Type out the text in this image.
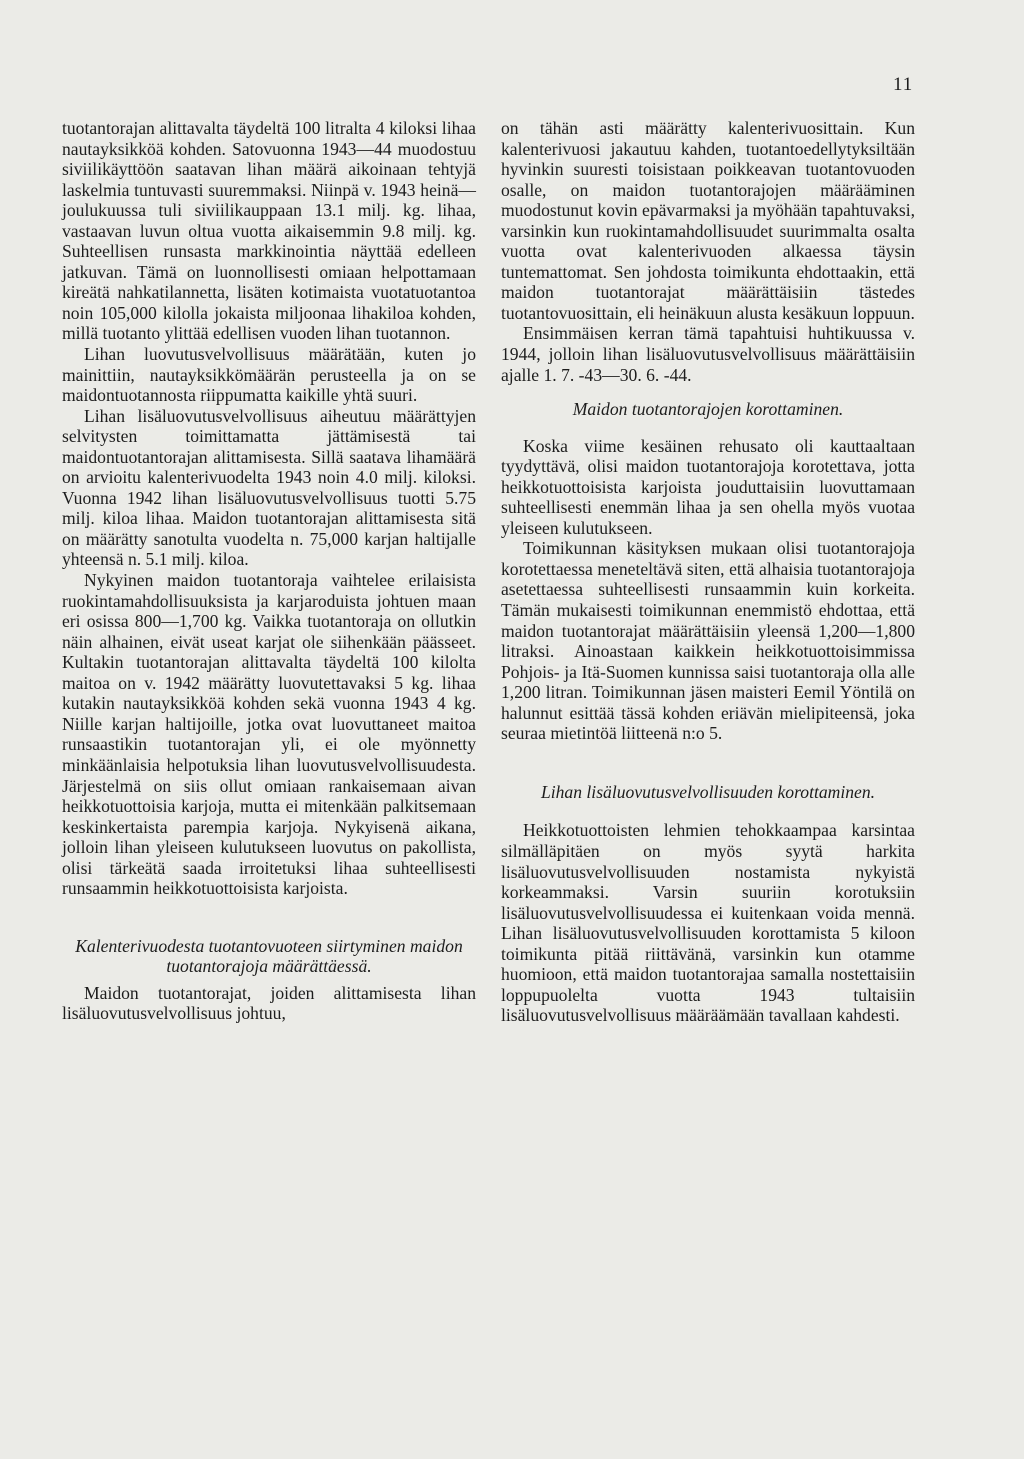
11

tuotantorajan alittavalta täydeltä 100 litralta 4 kiloksi lihaa nautayksikköä kohden. Satovuonna 1943—44 muodostuu siviilikäyttöön saatavan lihan määrä aikoinaan tehtyjä laskelmia tuntuvasti suuremmaksi. Niinpä v. 1943 heinä—joulukuussa tuli siviilikauppaan 13.1 milj. kg. lihaa, vastaavan luvun oltua vuotta aikaisemmin 9.8 milj. kg. Suhteellisen runsasta markkinointia näyttää edelleen jatkuvan. Tämä on luonnollisesti omiaan helpottamaan kireätä nahkatilannetta, lisäten kotimaista vuotatuotantoa noin 105,000 kilolla jokaista miljoonaa lihakiloa kohden, millä tuotanto ylittää edellisen vuoden lihan tuotannon.

Lihan luovutusvelvollisuus määrätään, kuten jo mainittiin, nautayksikkömäärän perusteella ja on se maidontuotannosta riippumatta kaikille yhtä suuri.

Lihan lisäluovutusvelvollisuus aiheutuu määrättyjen selvitysten toimittamatta jättämisestä tai maidontuotantorajan alittamisesta. Sillä saatava lihamäärä on arvioitu kalenterivuodelta 1943 noin 4.0 milj. kiloksi. Vuonna 1942 lihan lisäluovutusvelvollisuus tuotti 5.75 milj. kiloa lihaa. Maidon tuotantorajan alittamisesta sitä on määrätty sanotulta vuodelta n. 75,000 karjan haltijalle yhteensä n. 5.1 milj. kiloa.

Nykyinen maidon tuotantoraja vaihtelee erilaisista ruokintamahdollisuuksista ja karjaroduista johtuen maan eri osissa 800—1,700 kg. Vaikka tuotantoraja on ollutkin näin alhainen, eivät useat karjat ole siihenkään päässeet. Kultakin tuotantorajan alittavalta täydeltä 100 kilolta maitoa on v. 1942 määrätty luovutettavaksi 5 kg. lihaa kutakin nautayksikköä kohden sekä vuonna 1943 4 kg. Niille karjan haltijoille, jotka ovat luovuttaneet maitoa runsaastikin tuotantorajan yli, ei ole myönnetty minkäänlaisia helpotuksia lihan luovutusvelvollisuudesta. Järjestelmä on siis ollut omiaan rankaisemaan aivan heikkotuottoisia karjoja, mutta ei mitenkään palkitsemaan keskinkertaista parempia karjoja. Nykyisenä aikana, jolloin lihan yleiseen kulutukseen luovutus on pakollista, olisi tärkeätä saada irroitetuksi lihaa suhteellisesti runsaammin heikkotuottoisista karjoista.

Kalenterivuodesta tuotantovuoteen siirtyminen maidon tuotantorajoja määrättäessä.

Maidon tuotantorajat, joiden alittamisesta lihan lisäluovutusvelvollisuus johtuu,

on tähän asti määrätty kalenterivuosittain. Kun kalenterivuosi jakautuu kahden, tuotantoedellytyksiltään hyvinkin suuresti toisistaan poikkeavan tuotantovuoden osalle, on maidon tuotantorajojen määrääminen muodostunut kovin epävarmaksi ja myöhään tapahtuvaksi, varsinkin kun ruokintamahdollisuudet suurimmalta osalta vuotta ovat kalenterivuoden alkaessa täysin tuntemattomat. Sen johdosta toimikunta ehdottaakin, että maidon tuotantorajat määrättäisiin tästedes tuotantovuosittain, eli heinäkuun alusta kesäkuun loppuun.

Ensimmäisen kerran tämä tapahtuisi huhtikuussa v. 1944, jolloin lihan lisäluovutusvelvollisuus määrättäisiin ajalle 1. 7. -43—30. 6. -44.

Maidon tuotantorajojen korottaminen.

Koska viime kesäinen rehusato oli kauttaaltaan tyydyttävä, olisi maidon tuotantorajoja korotettava, jotta heikkotuottoisista karjoista jouduttaisiin luovuttamaan suhteellisesti enemmän lihaa ja sen ohella myös vuotaa yleiseen kulutukseen.

Toimikunnan käsityksen mukaan olisi tuotantorajoja korotettaessa meneteltävä siten, että alhaisia tuotantorajoja asetettaessa suhteellisesti runsaammin kuin korkeita. Tämän mukaisesti toimikunnan enemmistö ehdottaa, että maidon tuotantorajat määrättäisiin yleensä 1,200—1,800 litraksi. Ainoastaan kaikkein heikkotuottoisimmissa Pohjois- ja Itä-Suomen kunnissa saisi tuotantoraja olla alle 1,200 litran. Toimikunnan jäsen maisteri Eemil Yöntilä on halunnut esittää tässä kohden eriävän mielipiteensä, joka seuraa mietintöä liitteenä n:o 5.

Lihan lisäluovutusvelvollisuuden korottaminen.

Heikkotuottoisten lehmien tehokkaampaa karsintaa silmälläpitäen on myös syytä harkita lisäluovutusvelvollisuuden nostamista nykyistä korkeammaksi. Varsin suuriin korotuksiin lisäluovutusvelvollisuudessa ei kuitenkaan voida mennä. Lihan lisäluovutusvelvollisuuden korottamista 5 kiloon toimikunta pitää riittävänä, varsinkin kun otamme huomioon, että maidon tuotantorajaa samalla nostettaisiin loppupuolelta vuotta 1943 tultaisiin lisäluovutusvelvollisuus määräämään tavallaan kahdesti.
